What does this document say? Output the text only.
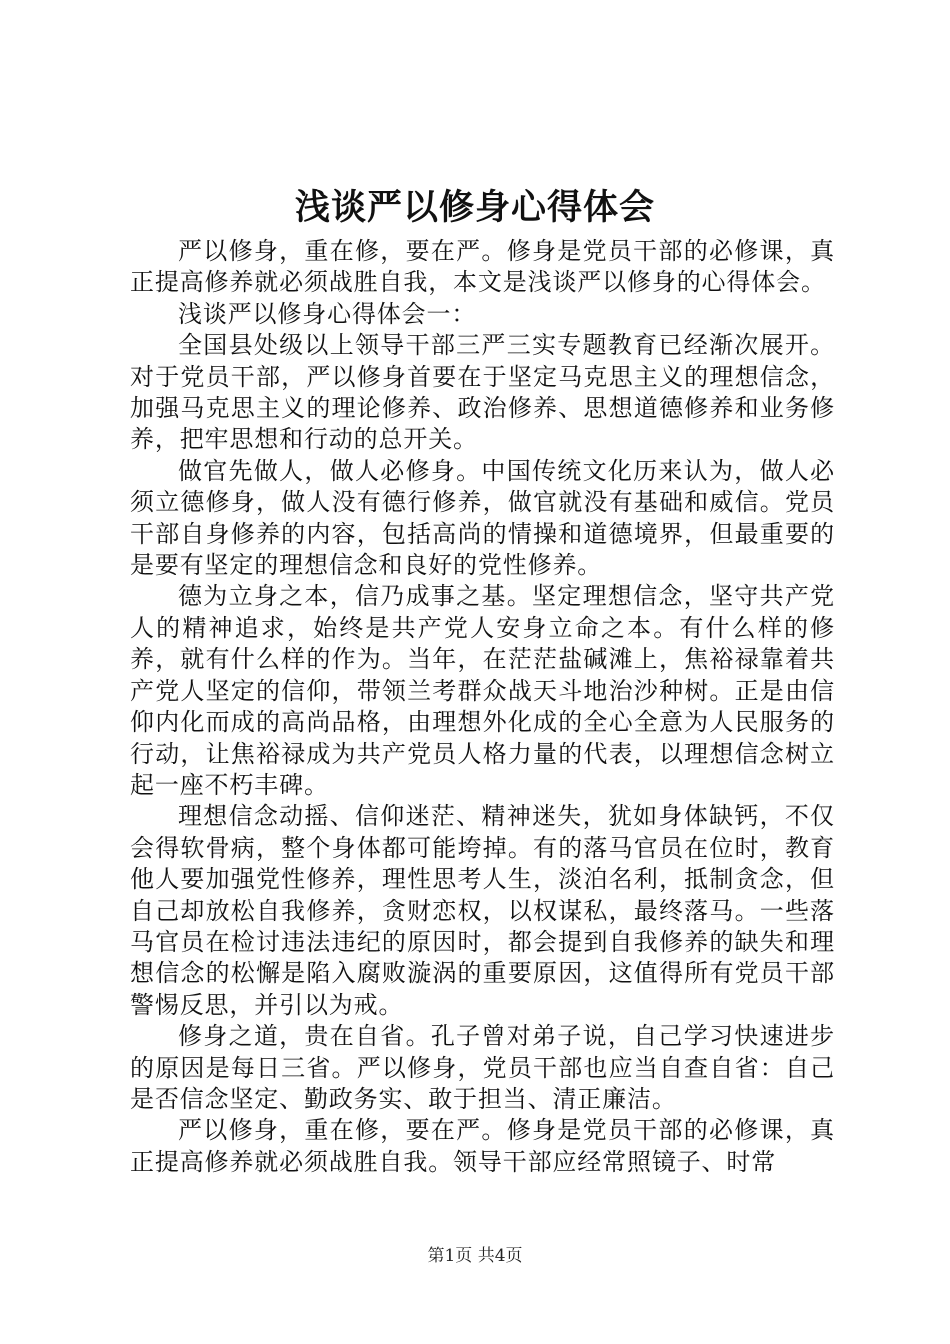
浅谈严以修身心得体会

严以修身，重在修，要在严。修身是党员干部的必修课，真正提高修养就必须战胜自我，本文是浅谈严以修身的心得体会。

浅谈严以修身心得体会一：

全国县处级以上领导干部三严三实专题教育已经渐次展开。对于党员干部，严以修身首要在于坚定马克思主义的理想信念，加强马克思主义的理论修养、政治修养、思想道德修养和业务修养，把牢思想和行动的总开关。

做官先做人，做人必修身。中国传统文化历来认为，做人必须立德修身，做人没有德行修养，做官就没有基础和威信。党员干部自身修养的内容，包括高尚的情操和道德境界，但最重要的是要有坚定的理想信念和良好的党性修养。

德为立身之本，信乃成事之基。坚定理想信念，坚守共产党人的精神追求，始终是共产党人安身立命之本。有什么样的修养，就有什么样的作为。当年，在茫茫盐碱滩上，焦裕禄靠着共产党人坚定的信仰，带领兰考群众战天斗地治沙种树。正是由信仰内化而成的高尚品格，由理想外化成的全心全意为人民服务的行动，让焦裕禄成为共产党员人格力量的代表，以理想信念树立起一座不朽丰碑。

理想信念动摇、信仰迷茫、精神迷失，犹如身体缺钙，不仅会得软骨病，整个身体都可能垮掉。有的落马官员在位时，教育他人要加强党性修养，理性思考人生，淡泊名利，抵制贪念，但自己却放松自我修养，贪财恋权，以权谋私，最终落马。一些落马官员在检讨违法违纪的原因时，都会提到自我修养的缺失和理想信念的松懈是陷入腐败漩涡的重要原因，这值得所有党员干部警惕反思，并引以为戒。

修身之道，贵在自省。孔子曾对弟子说，自己学习快速进步的原因是每日三省。严以修身，党员干部也应当自查自省：自己是否信念坚定、勤政务实、敢于担当、清正廉洁。

严以修身，重在修，要在严。修身是党员干部的必修课，真正提高修养就必须战胜自我。领导干部应经常照镜子、时常

第1页 共4页
